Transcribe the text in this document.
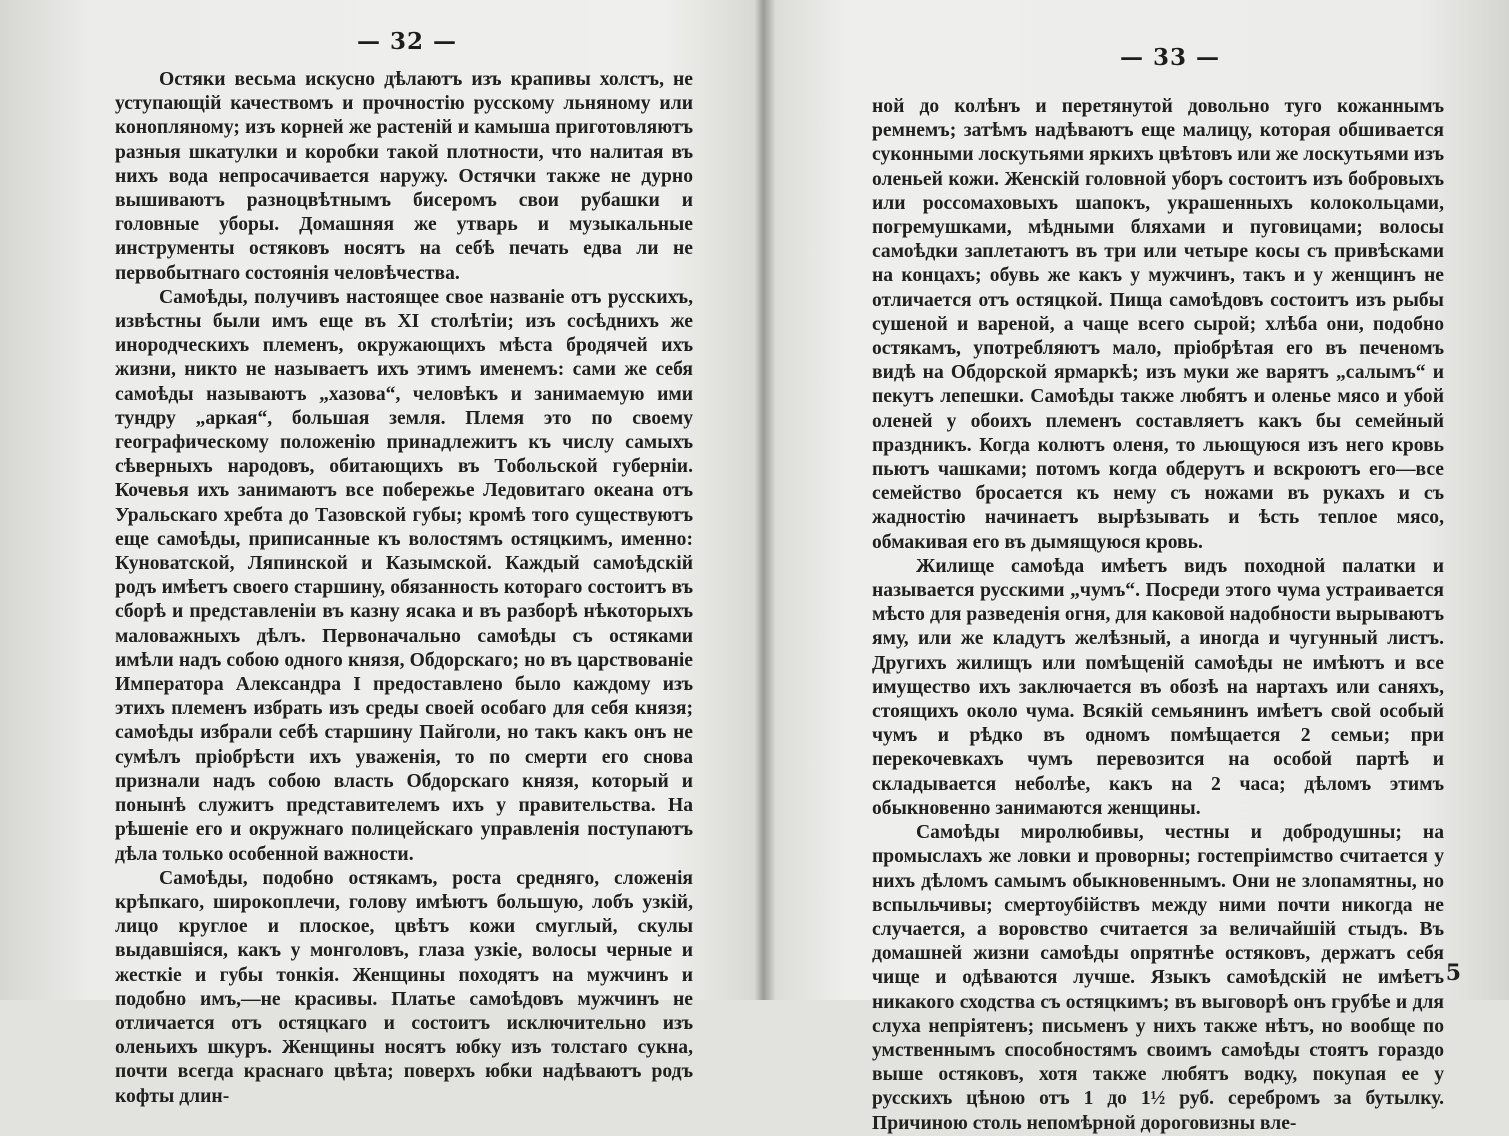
— 32 —

Остяки весьма искусно дѣлаютъ изъ крапивы холстъ, не уступающій качествомъ и прочностію русскому льняному или конопляному; изъ корней же растеній и камыша приготовляютъ разныя шкатулки и коробки такой плотности, что налитая въ нихъ вода непросачивается наружу. Остячки также не дурно вышиваютъ разноцвѣтнымъ бисеромъ свои рубашки и головные уборы. Домашняя же утварь и музыкальные инструменты остяковъ носятъ на себѣ печать едва ли не первобытнаго состоянія человѣчества.

Самоѣды, получивъ настоящее свое названіе отъ русскихъ, извѣстны были имъ еще въ XI столѣтіи; изъ сосѣднихъ же инородческихъ племенъ, окружающихъ мѣста бродячей ихъ жизни, никто не называетъ ихъ этимъ именемъ: сами же себя самоѣды называютъ „хазова“, человѣкъ и занимаемую ими тундру „аркая“, большая земля. Племя это по своему географическому положенію принадлежитъ къ числу самыхъ сѣверныхъ народовъ, обитающихъ въ Тобольской губерніи. Кочевья ихъ занимаютъ все побережье Ледовитаго океана отъ Уральскаго хребта до Тазовской губы; кромѣ того существуютъ еще самоѣды, приписанные къ волостямъ остяцкимъ, именно: Куноватской, Ляпинской и Казымской. Каждый самоѣдскій родъ имѣетъ своего старшину, обязанность котораго состоитъ въ сборѣ и представленіи въ казну ясака и въ разборѣ нѣкоторыхъ маловажныхъ дѣлъ. Первоначально самоѣды съ остяками имѣли надъ собою одного князя, Обдорскаго; но въ царствованіе Императора Александра I предоставлено было каждому изъ этихъ племенъ избрать изъ среды своей особаго для себя князя; самоѣды избрали себѣ старшину Пайголи, но такъ какъ онъ не сумѣлъ пріобрѣсти ихъ уваженія, то по смерти его снова признали надъ собою власть Обдорскаго князя, который и понынѣ служитъ представителемъ ихъ у правительства. На рѣшеніе его и окружнаго полицейскаго управленія поступаютъ дѣла только особенной важности.

Самоѣды, подобно остякамъ, роста средняго, сложенія крѣпкаго, широкоплечи, голову имѣютъ большую, лобъ узкій, лицо круглое и плоское, цвѣтъ кожи смуглый, скулы выдавшіяся, какъ у монголовъ, глаза узкіе, волосы черные и жесткіе и губы тонкія. Женщины походятъ на мужчинъ и подобно имъ,—не красивы. Платье самоѣдовъ мужчинъ не отличается отъ остяцкаго и состоитъ исключительно изъ оленьихъ шкуръ. Женщины носятъ юбку изъ толстаго сукна, почти всегда краснаго цвѣта; поверхъ юбки надѣваютъ родъ кофты длин-

— 33 —

ной до колѣнъ и перетянутой довольно туго кожаннымъ ремнемъ; затѣмъ надѣваютъ еще малицу, которая обшивается суконными лоскутьями яркихъ цвѣтовъ или же лоскутьями изъ оленьей кожи. Женскій головной уборъ состоитъ изъ бобровыхъ или россомаховыхъ шапокъ, украшенныхъ колокольцами, погремушками, мѣдными бляхами и пуговицами; волосы самоѣдки заплетаютъ въ три или четыре косы съ привѣсками на концахъ; обувь же какъ у мужчинъ, такъ и у женщинъ не отличается отъ остяцкой. Пища самоѣдовъ состоитъ изъ рыбы сушеной и вареной, а чаще всего сырой; хлѣба они, подобно остякамъ, употребляютъ мало, пріобрѣтая его въ печеномъ видѣ на Обдорской ярмаркѣ; изъ муки же варятъ „салымъ“ и пекутъ лепешки. Самоѣды также любятъ и оленье мясо и убой оленей у обоихъ племенъ составляетъ какъ бы семейный праздникъ. Когда колютъ оленя, то льющуюся изъ него кровь пьютъ чашками; потомъ когда обдерутъ и вскроютъ его—все семейство бросается къ нему съ ножами въ рукахъ и съ жадностію начинаетъ вырѣзывать и ѣсть теплое мясо, обмакивая его въ дымящуюся кровь.

Жилище самоѣда имѣетъ видъ походной палатки и называется русскими „чумъ“. Посреди этого чума устраивается мѣсто для разведенія огня, для каковой надобности вырываютъ яму, или же кладутъ желѣзный, а иногда и чугунный листъ. Другихъ жилищъ или помѣщеній самоѣды не имѣютъ и все имущество ихъ заключается въ обозѣ на нартахъ или саняхъ, стоящихъ около чума. Всякій семьянинъ имѣетъ свой особый чумъ и рѣдко въ одномъ помѣщается 2 семьи; при перекочевкахъ чумъ перевозится на особой партѣ и складывается неболѣе, какъ на 2 часа; дѣломъ этимъ обыкновенно занимаются женщины.

Самоѣды миролюбивы, честны и добродушны; на промыслахъ же ловки и проворны; гостепріимство считается у нихъ дѣломъ самымъ обыкновеннымъ. Они не злопамятны, но вспыльчивы; смертоубійствъ между ними почти никогда не случается, а воровство считается за величайшій стыдъ. Въ домашней жизни самоѣды опрятнѣе остяковъ, держатъ себя чище и одѣваются лучше. Языкъ самоѣдскій не имѣетъ никакого сходства съ остяцкимъ; въ выговорѣ онъ грубѣе и для слуха непріятенъ; письменъ у нихъ также нѣтъ, но вообще по умственнымъ способностямъ своимъ самоѣды стоятъ гораздо выше остяковъ, хотя также любятъ водку, покупая ее у русскихъ цѣною отъ 1 до 1½ руб. серебромъ за бутылку. Причиною столь непомѣрной дороговизны вле-

5
